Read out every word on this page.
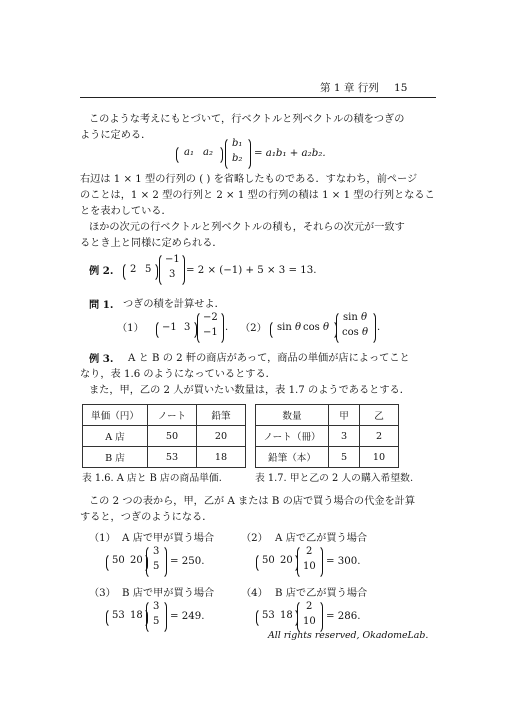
第 1 章 行列 15
このような考えにもとづいて，行ベクトルと列ベクトルの積をつぎの
ように定める．
a₁ a₂
b₁
b₂ = a₁b₁ + a₂b₂.
右辺は 1 × 1 型の行列の ( ) を省略したものである．すなわち，前ページ
のことは，1 × 2 型の行列と 2 × 1 型の行列の積は 1 × 1 型の行列となるこ
とを表わしている．
ほかの次元の行ベクトルと列ベクトルの積も，それらの次元が一致す
るとき上と同様に定められる．
例 2. 2 5
−1
3 = 2 × (−1) + 5 × 3 = 13.
問 1. つぎの積を計算せよ．
（1） −1 3
−2
−1 . （2） sin θ cos θ
sin θ
cos θ .
例 3. A と B の 2 軒の商店があって，商品の単価が店によってこと
なり，表 1.6 のようになっているとする．
また，甲，乙の 2 人が買いたい数量は，表 1.7 のようであるとする．
単価（円）	ノート	鉛筆
A 店	50	20
B 店	53	18
表 1.6. A 店と B 店の商品単価.
数量	甲	乙
ノート（冊）	3	2
鉛筆（本）	5	10
表 1.7. 甲と乙の 2 人の購入希望数.
この 2 つの表から，甲，乙が A または B の店で買う場合の代金を計算
すると，つぎのようになる．
（1） A 店で甲が買う場合
50 20
3
5 = 250.
（2） A 店で乙が買う場合
50 20
2
10 = 300.
（3） B 店で甲が買う場合
53 18
3
5 = 249.
（4） B 店で乙が買う場合
53 18
2
10 = 286.
All rights reserved, OkadomeLab.
